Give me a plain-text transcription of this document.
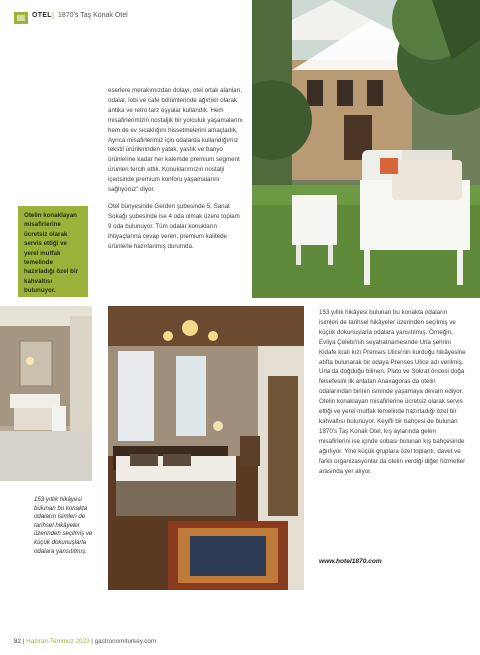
OTEL | 1870's Taş Konak Otel

eserlere merakımızdan dolayı, otel ortak alanları, odalar, lobi ve cafe bölümlerinde ağırlıklı olarak antika ve retro tarz eşyalar kullandık. Hem misafirlerimizin nostaljik bir yolculuk yaşamalarını hem de ev sıcaklığını hissetmelerini amaçladık. Ayrıca misafirlerimiz için odalarda kullandığımız tekstil ürünlerinden yatak, yastık ve banyo ürünlerine kadar her kalemde premium segment ürünleri tercih ettik. Konuklarımızın nostalji içerisinde premium konforu yaşamalarını sağlıyoruz" diyor.

Otel bünyesinde Gerden şubesinde 5, Sanat Sokağı şubesinde ise 4 oda olmak üzere toplam 9 oda bulunuyor. Tüm odalar konukların ihtiyaçlarına cevap veren, premium kalitede ürünlerle hazırlanmış durumda.

Otelin konaklayan misafirlerine ücretsiz olarak servis ettiği ve yerel mutfak temelinde hazırladığı özel bir kahvaltısı bulunuyor.
153 yıllık hikâyesi bulunan bu konakta odaların isimleri de tarihsel hikâyeler üzerinden seçilmiş ve küçük dokunuşlarla odalara yansıtılmış.

153 yıllık hikâyesi bulunan bu konakta odaların isimleri de tarihsel hikâyeler üzerinden seçilmiş ve küçük dokunuşlarla odalara yansıtılmış. Örneğin, Evliya Çelebi'nin seyahatnamesinde Urla şehrini Kidafe kralı kızı Prenses Ulice'nin kurduğu hikâyesine atıfta bulunarak bir odaya Prenses Ulice adı verilmiş. Urla'da doğduğu bilinen, Plato ve Sokrat öncesi doğa felsefesini ilk anlatan Anaxagoras da otelin odalarından birinin isminde yaşamaya devam ediyor. Otelin konaklayan misafirlerine ücretsiz olarak servis ettiği ve yerel mutfak temelinde hazırladığı özel bir kahvaltısı bulunuyor. Keyifli bir bahçesi de bulunan 1870's Taş Konak Otel, kış aylarında gelen misafirlerini ise içinde sobası bulunan kış bahçesinde ağırlıyor. Yine küçük gruplara özel toplantı, davet ve farklı organizasyonlar da otelin verdiği diğer hizmetler arasında yer alıyor.

www.hotel1870.com
82 | Haziran-Temmuz 2023 | gastronomiturkey.com
